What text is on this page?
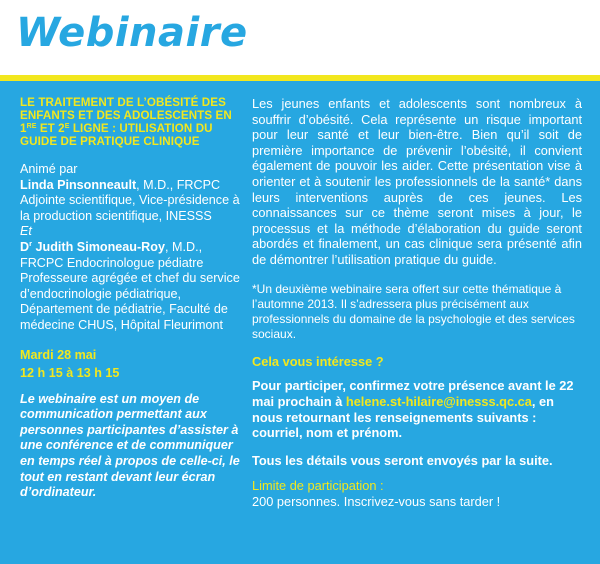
Webinaire
LE TRAITEMENT DE L’OBÉSITÉ DES ENFANTS ET DES ADOLESCENTS EN 1RE ET $2^E$ LIGNE : UTILISATION DU GUIDE DE PRATIQUE CLINIQUE
Animé par
Linda Pinsonneault, M.D., FRCPC
Adjointe scientifique, Vice-présidence à la production scientifique, INESSS
Et
$D^r$ Judith Simoneau-Roy, M.D.,
FRCPC Endocrinologue pédiatre Professeure agrégée et chef du service d’endocrinologie pédiatrique, Département de pédiatrie, Faculté de médecine CHUS, Hôpital Fleurimont
Mardi 28 mai
12 h 15 à 13 h 15
Le webinaire est un moyen de communication permettant aux personnes participantes d’assister à une conférence et de communiquer en temps réel à propos de celle-ci, le tout en restant devant leur écran d’ordinateur.
Les jeunes enfants et adolescents sont nombreux à souffrir d’obésité. Cela représente un risque important pour leur santé et leur bien-être. Bien qu’il soit de première importance de prévenir l’obésité, il convient également de pouvoir les aider. Cette présentation vise à orienter et à soutenir les professionnels de la santé* dans leurs interventions auprès de ces jeunes. Les connaissances sur ce thème seront mises à jour, le processus et la méthode d’élaboration du guide seront abordés et finalement, un cas clinique sera présenté afin de démontrer l’utilisation pratique du guide.
*Un deuxième webinaire sera offert sur cette thématique à l’automne 2013. Il s’adressera plus précisément aux professionnels du domaine de la psychologie et des services sociaux.
Cela vous intéresse ?
Pour participer, confirmez votre présence avant le 22 mai prochain à helene.st-hilaire@inesss.qc.ca, en nous retournant les renseignements suivants : courriel, nom et prénom.
Tous les détails vous seront envoyés par la suite.
Limite de participation :
200 personnes. Inscrivez-vous sans tarder !
